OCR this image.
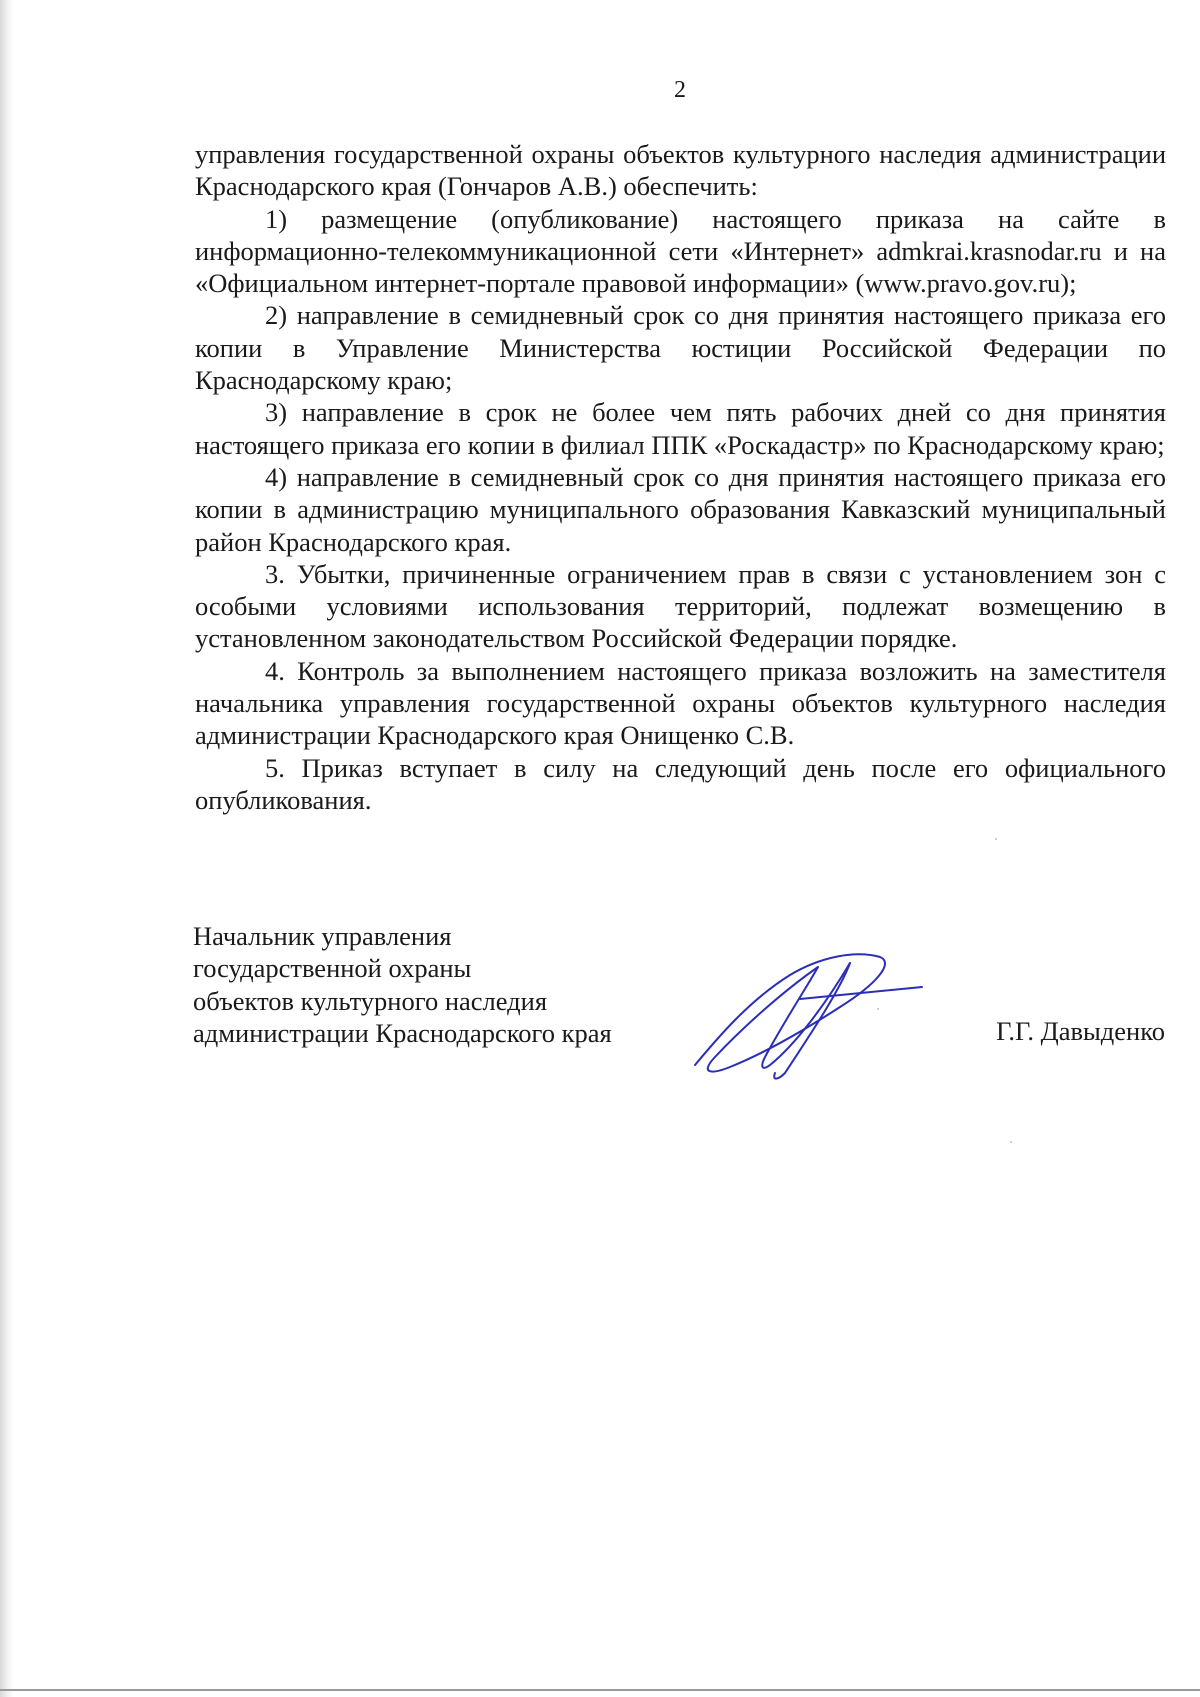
2

управления государственной охраны объектов культурного наследия администрации Краснодарского края (Гончаров А.В.) обеспечить:

1) размещение (опубликование) настоящего приказа на сайте в информационно-телекоммуникационной сети «Интернет» admkrai.krasnodar.ru и на «Официальном интернет-портале правовой информации» (www.pravo.gov.ru);

2) направление в семидневный срок со дня принятия настоящего приказа его копии в Управление Министерства юстиции Российской Федерации по Краснодарскому краю;

3) направление в срок не более чем пять рабочих дней со дня принятия настоящего приказа его копии в филиал ППК «Роскадастр» по Краснодарскому краю;

4) направление в семидневный срок со дня принятия настоящего приказа его копии в администрацию муниципального образования Кавказский муниципальный район Краснодарского края.

3. Убытки, причиненные ограничением прав в связи с установлением зон с особыми условиями использования территорий, подлежат возмещению в установленном законодательством Российской Федерации порядке.

4. Контроль за выполнением настоящего приказа возложить на заместителя начальника управления государственной охраны объектов культурного наследия администрации Краснодарского края Онищенко С.В.

5. Приказ вступает в силу на следующий день после его официального опубликования.

Начальник управления
государственной охраны
объектов культурного наследия
администрации Краснодарского края	Г.Г. Давыденко
